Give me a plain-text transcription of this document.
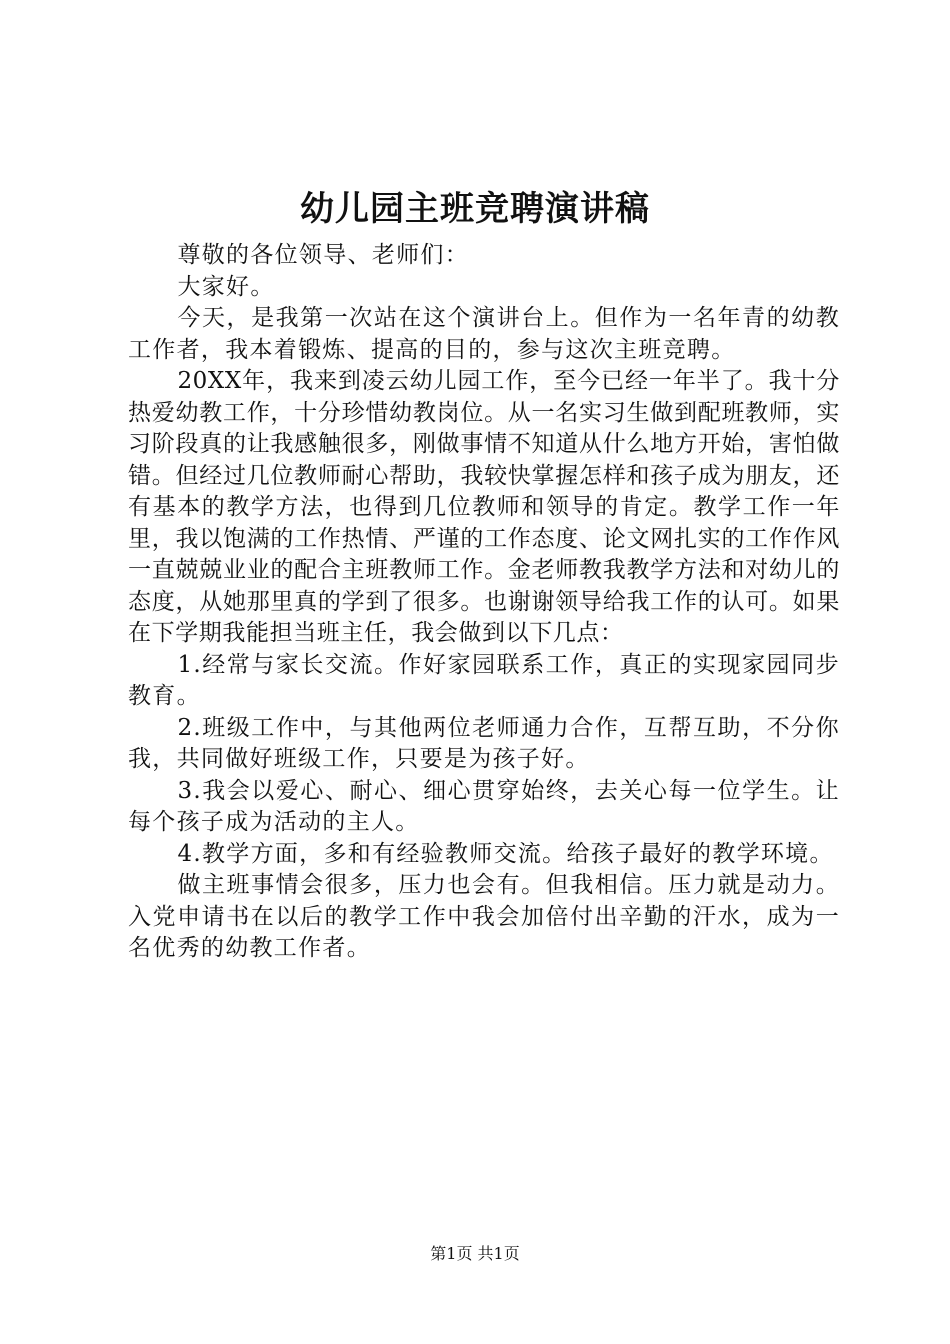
幼儿园主班竞聘演讲稿

尊敬的各位领导、老师们：

大家好。

今天，是我第一次站在这个演讲台上。但作为一名年青的幼教工作者，我本着锻炼、提高的目的，参与这次主班竞聘。

20XX年，我来到凌云幼儿园工作，至今已经一年半了。我十分热爱幼教工作，十分珍惜幼教岗位。从一名实习生做到配班教师，实习阶段真的让我感触很多，刚做事情不知道从什么地方开始，害怕做错。但经过几位教师耐心帮助，我较快掌握怎样和孩子成为朋友，还有基本的教学方法，也得到几位教师和领导的肯定。教学工作一年里，我以饱满的工作热情、严谨的工作态度、论文网扎实的工作作风一直兢兢业业的配合主班教师工作。金老师教我教学方法和对幼儿的态度，从她那里真的学到了很多。也谢谢领导给我工作的认可。如果在下学期我能担当班主任，我会做到以下几点：

1.经常与家长交流。作好家园联系工作，真正的实现家园同步教育。

2.班级工作中，与其他两位老师通力合作，互帮互助，不分你我，共同做好班级工作，只要是为孩子好。

3.我会以爱心、耐心、细心贯穿始终，去关心每一位学生。让每个孩子成为活动的主人。

4.教学方面，多和有经验教师交流。给孩子最好的教学环境。

做主班事情会很多，压力也会有。但我相信。压力就是动力。入党申请书在以后的教学工作中我会加倍付出辛勤的汗水，成为一名优秀的幼教工作者。

第1页 共1页
